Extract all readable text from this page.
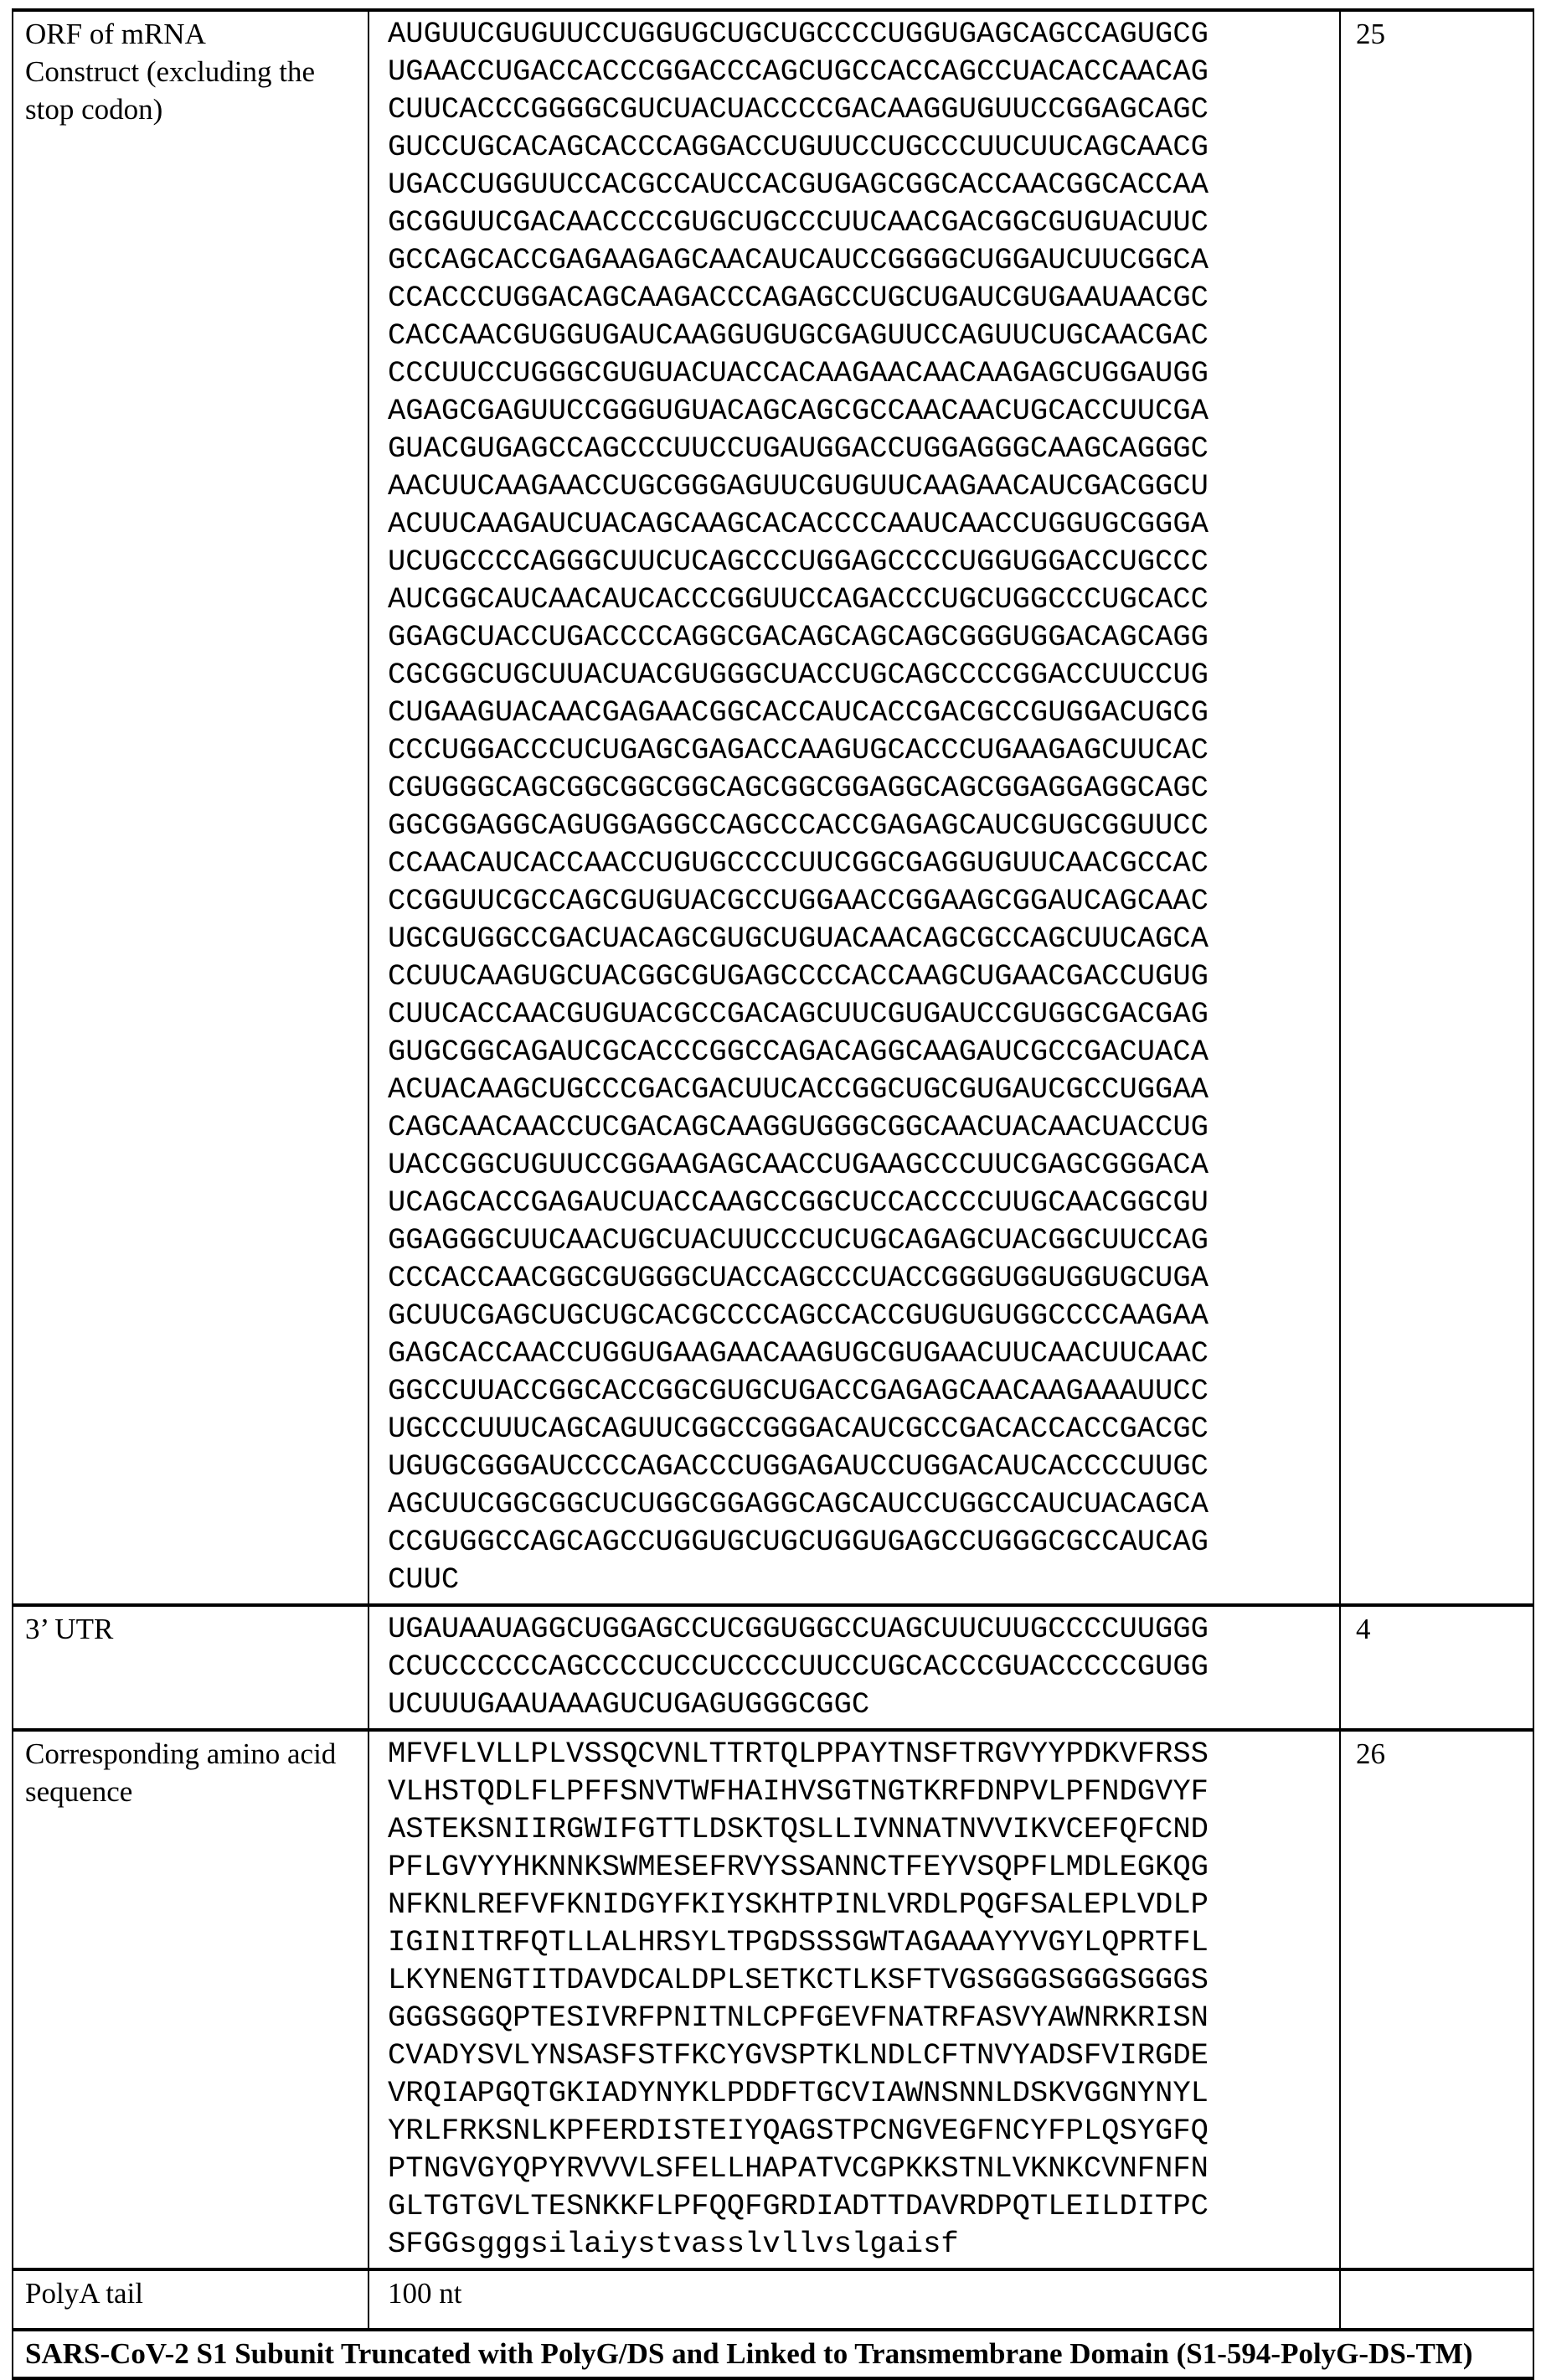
ORF of mRNA Construct (excluding the stop codon)	
AUGUUCGUGUUCCUGGUGCUGCUGCCCCUGGUGAGCAGCCAGUGCG
UGAACCUGACCACCCGGACCCAGCUGCCACCAGCCUACACCAACAG
CUUCACCCGGGGCGUCUACUACCCCGACAAGGUGUUCCGGAGCAGC
GUCCUGCACAGCACCCAGGACCUGUUCCUGCCCUUCUUCAGCAACG
UGACCUGGUUCCACGCCAUCCACGUGAGCGGCACCAACGGCACCAA
GCGGUUCGACAACCCCGUGCUGCCCUUCAACGACGGCGUGUACUUC
GCCAGCACCGAGAAGAGCAACAUCAUCCGGGGCUGGAUCUUCGGCA
CCACCCUGGACAGCAAGACCCAGAGCCUGCUGAUCGUGAAUAACGC
CACCAACGUGGUGAUCAAGGUGUGCGAGUUCCAGUUCUGCAACGAC
CCCUUCCUGGGCGUGUACUACCACAAGAACAACAAGAGCUGGAUGG
AGAGCGAGUUCCGGGUGUACAGCAGCGCCAACAACUGCACCUUCGA
GUACGUGAGCCAGCCCUUCCUGAUGGACCUGGAGGGCAAGCAGGGC
AACUUCAAGAACCUGCGGGAGUUCGUGUUCAAGAACAUCGACGGCU
ACUUCAAGAUCUACAGCAAGCACACCCCAAUCAACCUGGUGCGGGA
UCUGCCCCAGGGCUUCUCAGCCCUGGAGCCCCUGGUGGACCUGCCC
AUCGGCAUCAACAUCACCCGGUUCCAGACCCUGCUGGCCCUGCACC
GGAGCUACCUGACCCCAGGCGACAGCAGCAGCGGGUGGACAGCAGG
CGCGGCUGCUUACUACGUGGGCUACCUGCAGCCCCGGACCUUCCUG
CUGAAGUACAACGAGAACGGCACCAUCACCGACGCCGUGGACUGCG
CCCUGGACCCUCUGAGCGAGACCAAGUGCACCCUGAAGAGCUUCAC
CGUGGGCAGCGGCGGCGGCAGCGGCGGAGGCAGCGGAGGAGGCAGC
GGCGGAGGCAGUGGAGGCCAGCCCACCGAGAGCAUCGUGCGGUUCC
CCAACAUCACCAACCUGUGCCCCUUCGGCGAGGUGUUCAACGCCAC
CCGGUUCGCCAGCGUGUACGCCUGGAACCGGAAGCGGAUCAGCAAC
UGCGUGGCCGACUACAGCGUGCUGUACAACAGCGCCAGCUUCAGCA
CCUUCAAGUGCUACGGCGUGAGCCCCACCAAGCUGAACGACCUGUG
CUUCACCAACGUGUACGCCGACAGCUUCGUGAUCCGUGGCGACGAG
GUGCGGCAGAUCGCACCCGGCCAGACAGGCAAGAUCGCCGACUACA
ACUACAAGCUGCCCGACGACUUCACCGGCUGCGUGAUCGCCUGGAA
CAGCAACAACCUCGACAGCAAGGUGGGCGGCAACUACAACUACCUG
UACCGGCUGUUCCGGAAGAGCAACCUGAAGCCCUUCGAGCGGGACA
UCAGCACCGAGAUCUACCAAGCCGGCUCCACCCCUUGCAACGGCGU
GGAGGGCUUCAACUGCUACUUCCCUCUGCAGAGCUACGGCUUCCAG
CCCACCAACGGCGUGGGCUACCAGCCCUACCGGGUGGUGGUGCUGA
GCUUCGAGCUGCUGCACGCCCCAGCCACCGUGUGUGGCCCCAAGAA
GAGCACCAACCUGGUGAAGAACAAGUGCGUGAACUUCAACUUCAAC
GGCCUUACCGGCACCGGCGUGCUGACCGAGAGCAACAAGAAAUUCC
UGCCCUUUCAGCAGUUCGGCCGGGACAUCGCCGACACCACCGACGC
UGUGCGGGAUCCCCAGACCCUGGAGAUCCUGGACAUCACCCCUUGC
AGCUUCGGCGGCUCUGGCGGAGGCAGCAUCCUGGCCAUCUACAGCA
CCGUGGCCAGCAGCCUGGUGCUGCUGGUGAGCCUGGGCGCCAUCAG
CUUC
	25
3’ UTR	UGAUAAUAGGCUGGAGCCUCGGUGGCCUAGCUUCUUGCCCCUUGGG
CCUCCCCCCAGCCCCUCCUCCCCUUCCUGCACCCGUACCCCCGUGG
UCUUUGAAUAAAGUCUGAGUGGGCGGC
	4
Corresponding amino acid sequence	
MFVFLVLLPLVSSQCVNLTTRTQLPPAYTNSFTRGVYYPDKVFRSS
VLHSTQDLFLPFFSNVTWFHAIHVSGTNGTKRFDNPVLPFNDGVYF
ASTEKSNIIRGWIFGTTLDSKTQSLLIVNNATNVVIKVCEFQFCND
PFLGVYYHKNNKSWMESEFRVYSSANNCTFEYVSQPFLMDLEGKQG
NFKNLREFVFKNIDGYFKIYSKHTPINLVRDLPQGFSALEPLVDLP
IGINITRFQTLLALHRSYLTPGDSSSGWTAGAAAYYVGYLQPRTFL
LKYNENGTITDAVDCALDPLSETKCTLKSFTVGSGGGSGGGSGGGS
GGGSGGQPTESIVRFPNITNLCPFGEVFNATRFASVYAWNRKRISN
CVADYSVLYNSASFSTFKCYGVSPTKLNDLCFTNVYADSFVIRGDE
VRQIAPGQTGKIADYNYKLPDDFTGCVIAWNSNNLDSKVGGNYNYL
YRLFRKSNLKPFERDISTEIYQAGSTPCNGVEGFNCYFPLQSYGFQ
PTNGVGYQPYRVVVLSFELLHAPATVCGPKKSTNLVKNKCVNFNFN
GLTGTGVLTESNKKFLPFQQFGRDIADTTDAVRDPQTLEILDITPC
SFGGsgggsilaiystvasslvllvslgaisf
	26
PolyA tail	100 nt	
SARS-CoV-2 S1 Subunit Truncated with PolyG/DS and Linked to Transmembrane Domain (S1-594-PolyG-DS-TM)
